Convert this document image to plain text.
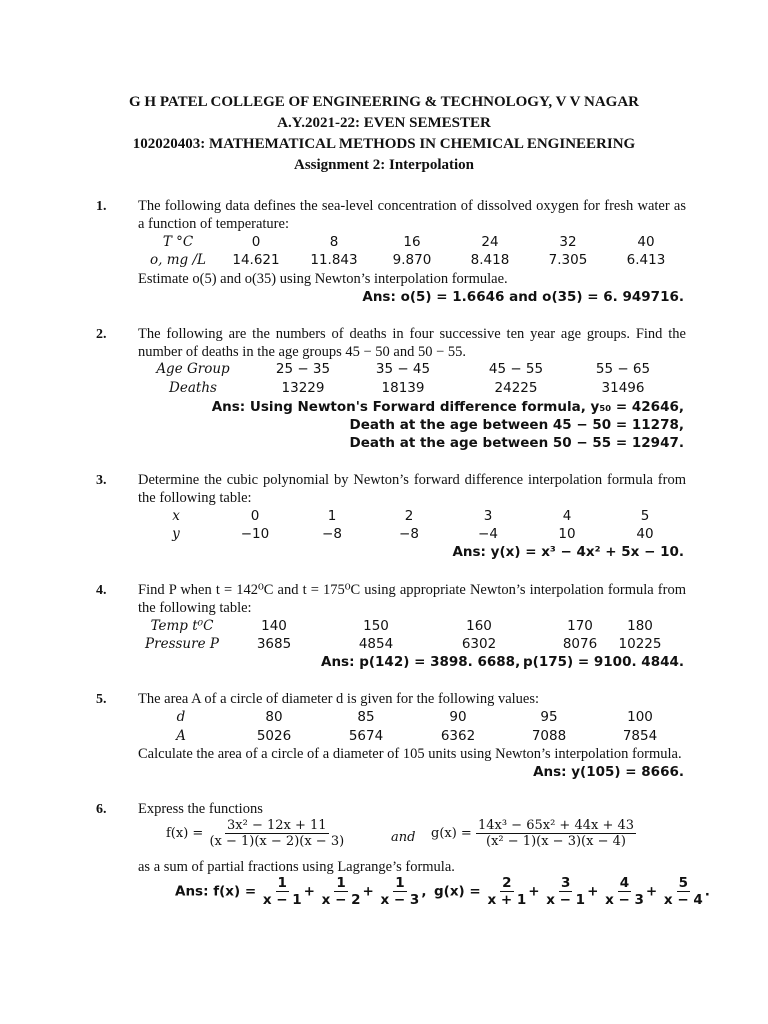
G H PATEL COLLEGE OF ENGINEERING & TECHNOLOGY, V V NAGAR
A.Y.2021-22: EVEN SEMESTER
102020403: MATHEMATICAL METHODS IN CHEMICAL ENGINEERING
Assignment 2: Interpolation
1. The following data defines the sea-level concentration of dissolved oxygen for fresh water as a function of temperature:
T °C	0	8	16	24	32	40
o, mg /L	14.621	11.843	9.870	8.418	7.305	6.413
Estimate o(5) and o(35) using Newton’s interpolation formulae.
Ans: o(5) = 1.6646 and o(35) = 6. 949716.
2. The following are the numbers of deaths in four successive ten year age groups. Find the number of deaths in the age groups 45 − 50 and 50 − 55.
Age Group	25 − 35	35 − 45	45 − 55	55 − 65
Deaths	13229	18139	24225	31496
Ans: Using Newton's Forward difference formula, y₅₀ = 42646,
Death at the age between 45 − 50 = 11278,
Death at the age between 50 − 55 = 12947.
3. Determine the cubic polynomial by Newton’s forward difference interpolation formula from the following table:
x	0	1	2	3	4	5
y	−10	−8	−8	−4	10	40
Ans: y(x) = x³ − 4x² + 5x − 10.
4. Find P when t = 142⁰C and t = 175⁰C using appropriate Newton’s interpolation formula from the following table:
Temp t⁰C	140	150	160	170	180
Pressure P	3685	4854	6302	8076	10225
Ans: p(142) = 3898. 6688, p(175) = 9100. 4844.
5. The area A of a circle of diameter d is given for the following values:
d	80	85	90	95	100
A	5026	5674	6362	7088	7854
Calculate the area of a circle of a diameter of 105 units using Newton’s interpolation formula.
Ans: y(105) = 8666.
6. Express the functions
$f(x) = \frac{\text{3x² − 12x + 11}}{(x - 1)(x - 2)(x - 3)}$	and $g(x) = \frac{\text{14x³ − 65x² + 44x + 43}}{\text{(x² − 1)(x − 3)(x − 4)}}$
as a sum of partial fractions using Lagrange’s formula.
Ans: $f(x) = \frac{1}{x - 1} + \frac{1}{x - 2} + \frac{1}{x - 3}$ , $g(x) = \frac{2}{x + 1} + \frac{3}{x - 1} + \frac{4}{x - 3} + \frac{5}{x - 4}$ .
